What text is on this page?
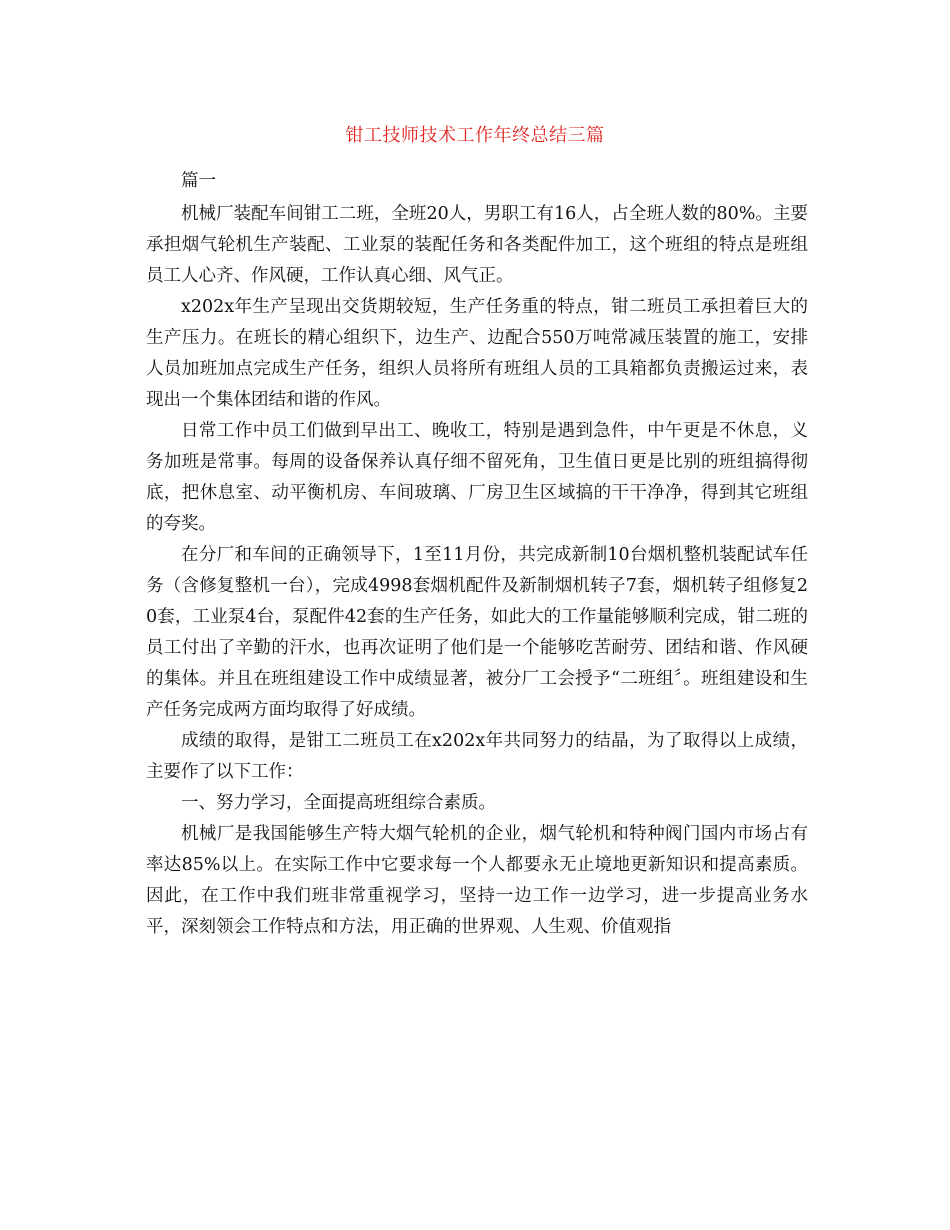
钳工技师技术工作年终总结三篇

篇一

机械厂装配车间钳工二班，全班20人，男职工有16人，占全班人数的80%。主要承担烟气轮机生产装配、工业泵的装配任务和各类配件加工，这个班组的特点是班组员工人心齐、作风硬，工作认真心细、风气正。

x202x年生产呈现出交货期较短，生产任务重的特点，钳二班员工承担着巨大的生产压力。在班长的精心组织下，边生产、边配合550万吨常减压装置的施工，安排人员加班加点完成生产任务，组织人员将所有班组人员的工具箱都负责搬运过来，表现出一个集体团结和谐的作风。

日常工作中员工们做到早出工、晚收工，特别是遇到急件，中午更是不休息，义务加班是常事。每周的设备保养认真仔细不留死角，卫生值日更是比别的班组搞得彻底，把休息室、动平衡机房、车间玻璃、厂房卫生区域搞的干干净净，得到其它班组的夸奖。

在分厂和车间的正确领导下，1至11月份，共完成新制10台烟机整机装配试车任务（含修复整机一台），完成4998套烟机配件及新制烟机转子7套，烟机转子组修复20套，工业泵4台，泵配件42套的生产任务，如此大的工作量能够顺利完成，钳二班的员工付出了辛勤的汗水，也再次证明了他们是一个能够吃苦耐劳、团结和谐、作风硬的集体。并且在班组建设工作中成绩显著，被分厂工会授予“二班组〞。班组建设和生产任务完成两方面均取得了好成绩。

成绩的取得，是钳工二班员工在x202x年共同努力的结晶，为了取得以上成绩，主要作了以下工作：

一、努力学习，全面提高班组综合素质。

机械厂是我国能够生产特大烟气轮机的企业，烟气轮机和特种阀门国内市场占有率达85%以上。在实际工作中它要求每一个人都要永无止境地更新知识和提高素质。因此，在工作中我们班非常重视学习，坚持一边工作一边学习，进一步提高业务水平，深刻领会工作特点和方法，用正确的世界观、人生观、价值观指
